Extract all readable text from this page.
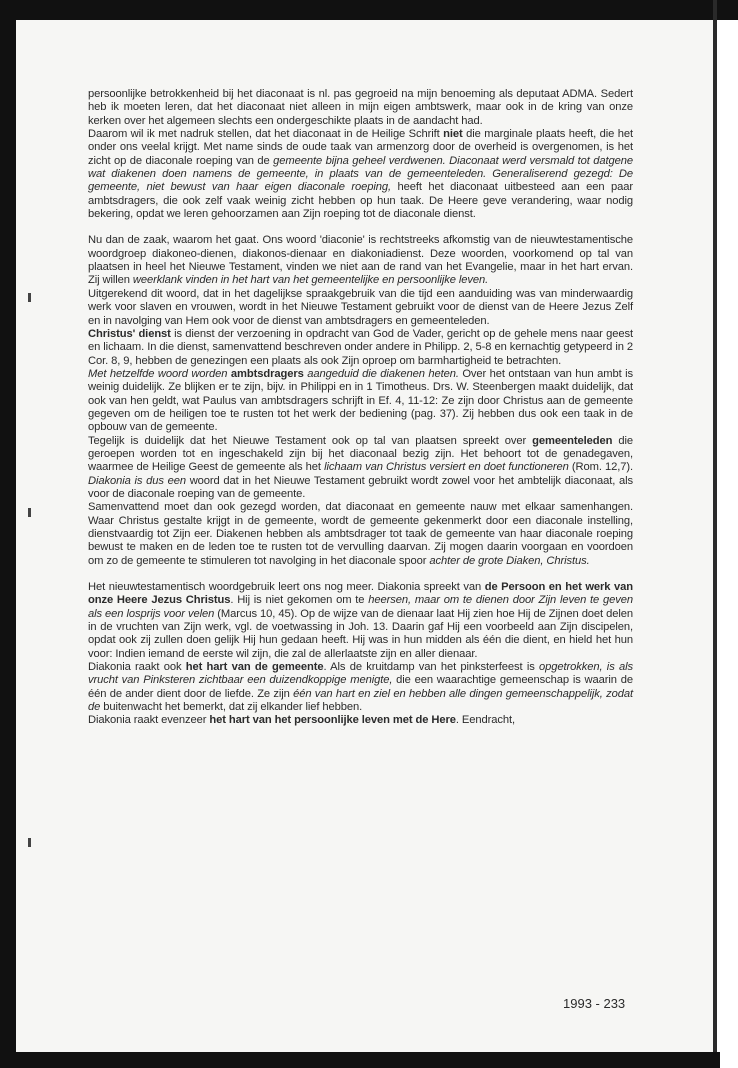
persoonlijke betrokkenheid bij het diaconaat is nl. pas gegroeid na mijn benoeming als deputaat ADMA. Sedert heb ik moeten leren, dat het diaconaat niet alleen in mijn eigen ambtswerk, maar ook in de kring van onze kerken over het algemeen slechts een ondergeschikte plaats in de aandacht had.

Daarom wil ik met nadruk stellen, dat het diaconaat in de Heilige Schrift niet die marginale plaats heeft, die het onder ons veelal krijgt. Met name sinds de oude taak van armenzorg door de overheid is overgenomen, is het zicht op de diaconale roeping van de gemeente bijna geheel verdwenen. Diaconaat werd versmald tot datgene wat diakenen doen namens de gemeente, in plaats van de gemeenteleden. Generaliserend gezegd: De gemeente, niet bewust van haar eigen diaconale roeping, heeft het diaconaat uitbesteed aan een paar ambtsdragers, die ook zelf vaak weinig zicht hebben op hun taak. De Heere geve verandering, waar nodig bekering, opdat we leren gehoorzamen aan Zijn roeping tot de diaconale dienst.

Nu dan de zaak, waarom het gaat. Ons woord 'diaconie' is rechtstreeks afkomstig van de nieuwtestamentische woordgroep diakoneo-dienen, diakonos-dienaar en diakoniadienst. Deze woorden, voorkomend op tal van plaatsen in heel het Nieuwe Testament, vinden we niet aan de rand van het Evangelie, maar in het hart ervan. Zij willen weerklank vinden in het hart van het gemeentelijke en persoonlijke leven.

Uitgerekend dit woord, dat in het dagelijkse spraakgebruik van die tijd een aanduiding was van minderwaardig werk voor slaven en vrouwen, wordt in het Nieuwe Testament gebruikt voor de dienst van de Heere Jezus Zelf en in navolging van Hem ook voor de dienst van ambtsdragers en gemeenteleden.

Christus' dienst is dienst der verzoening in opdracht van God de Vader, gericht op de gehele mens naar geest en lichaam. In die dienst, samenvattend beschreven onder andere in Philipp. 2, 5-8 en kernachtig getypeerd in 2 Cor. 8, 9, hebben de genezingen een plaats als ook Zijn oproep om barmhartigheid te betrachten.

Met hetzelfde woord worden ambtsdragers aangeduid die diakenen heten. Over het ontstaan van hun ambt is weinig duidelijk. Ze blijken er te zijn, bijv. in Philippi en in 1 Timotheus. Drs. W. Steenbergen maakt duidelijk, dat ook van hen geldt, wat Paulus van ambtsdragers schrijft in Ef. 4, 11-12: Ze zijn door Christus aan de gemeente gegeven om de heiligen toe te rusten tot het werk der bediening (pag. 37). Zij hebben dus ook een taak in de opbouw van de gemeente.

Tegelijk is duidelijk dat het Nieuwe Testament ook op tal van plaatsen spreekt over gemeenteleden die geroepen worden tot en ingeschakeld zijn bij het diaconaal bezig zijn. Het behoort tot de genadegaven, waarmee de Heilige Geest de gemeente als het lichaam van Christus versiert en doet functioneren (Rom. 12,7). Diakonia is dus een woord dat in het Nieuwe Testament gebruikt wordt zowel voor het ambtelijk diaconaat, als voor de diaconale roeping van de gemeente.

Samenvattend moet dan ook gezegd worden, dat diaconaat en gemeente nauw met elkaar samenhangen. Waar Christus gestalte krijgt in de gemeente, wordt de gemeente gekenmerkt door een diaconale instelling, dienstvaardig tot Zijn eer. Diakenen hebben als ambtsdrager tot taak de gemeente van haar diaconale roeping bewust te maken en de leden toe te rusten tot de vervulling daarvan. Zij mogen daarin voorgaan en voordoen om zo de gemeente te stimuleren tot navolging in het diaconale spoor achter de grote Diaken, Christus.

Het nieuwtestamentisch woordgebruik leert ons nog meer. Diakonia spreekt van de Persoon en het werk van onze Heere Jezus Christus. Hij is niet gekomen om te heersen, maar om te dienen door Zijn leven te geven als een losprijs voor velen (Marcus 10, 45). Op de wijze van de dienaar laat Hij zien hoe Hij de Zijnen doet delen in de vruchten van Zijn werk, vgl. de voetwassing in Joh. 13. Daarin gaf Hij een voorbeeld aan Zijn discipelen, opdat ook zij zullen doen gelijk Hij hun gedaan heeft. Hij was in hun midden als één die dient, en hield het hun voor: Indien iemand de eerste wil zijn, die zal de allerlaatste zijn en aller dienaar.

Diakonia raakt ook het hart van de gemeente. Als de kruitdamp van het pinksterfeest is opgetrokken, is als vrucht van Pinksteren zichtbaar een duizendkoppige menigte, die een waarachtige gemeenschap is waarin de één de ander dient door de liefde. Ze zijn één van hart en ziel en hebben alle dingen gemeenschappelijk, zodat de buitenwacht het bemerkt, dat zij elkander lief hebben.

Diakonia raakt evenzeer het hart van het persoonlijke leven met de Here. Eendracht,

1993 - 233
